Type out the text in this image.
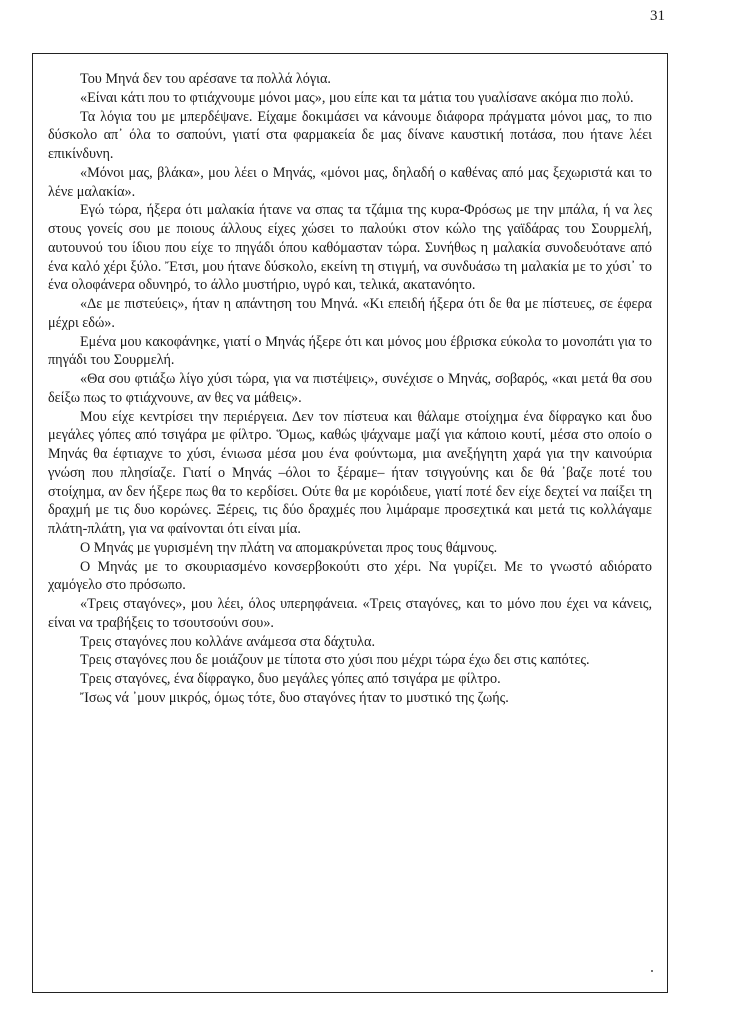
31

Του Μηνά δεν του αρέσανε τα πολλά λόγια.

«Είναι κάτι που το φτιάχνουμε μόνοι μας», μου είπε και τα μάτια του γυαλίσανε ακόμα πιο πολύ.

Τα λόγια του με μπερδέψανε. Είχαμε δοκιμάσει να κάνουμε διάφορα πράγματα μόνοι μας, το πιο δύσκολο απ᾽ όλα το σαπούνι, γιατί στα φαρμακεία δε μας δίνανε καυστική ποτάσα, που ήτανε λέει επικίνδυνη.

«Μόνοι μας, βλάκα», μου λέει ο Μηνάς, «μόνοι μας, δηλαδή ο καθένας από μας ξεχωριστά και το λένε μαλακία».

Εγώ τώρα, ήξερα ότι μαλακία ήτανε να σπας τα τζάμια της κυρα-Φρόσως με την μπάλα, ή να λες στους γονείς σου με ποιους άλλους είχες χώσει το παλούκι στον κώλο της γαϊδάρας του Σουρμελή, αυτουνού του ίδιου που είχε το πηγάδι όπου καθόμασταν τώρα. Συνήθως η μαλακία συνοδευότανε από ένα καλό χέρι ξύλο. Ἔτσι, μου ήτανε δύσκολο, εκείνη τη στιγμή, να συνδυάσω τη μαλακία με το χύσι᾽ το ένα ολοφάνερα οδυνηρό, το άλλο μυστήριο, υγρό και, τελικά, ακατανόητο.

«Δε με πιστεύεις», ήταν η απάντηση του Μηνά. «Κι επειδή ήξερα ότι δε θα με πίστευες, σε έφερα μέχρι εδώ».

Εμένα μου κακοφάνηκε, γιατί ο Μηνάς ήξερε ότι και μόνος μου έβρισκα εύκολα το μονοπάτι για το πηγάδι του Σουρμελή.

«Θα σου φτιάξω λίγο χύσι τώρα, για να πιστέψεις», συνέχισε ο Μηνάς, σοβαρός, «και μετά θα σου δείξω πως το φτιάχνουνε, αν θες να μάθεις».

Μου είχε κεντρίσει την περιέργεια. Δεν τον πίστευα και θάλαμε στοίχημα ένα δίφραγκο και δυο μεγάλες γόπες από τσιγάρα με φίλτρο. Ὅμως, καθώς ψάχναμε μαζί για κάποιο κουτί, μέσα στο οποίο ο Μηνάς θα έφτιαχνε το χύσι, ένιωσα μέσα μου ένα φούντωμα, μια ανεξήγητη χαρά για την καινούρια γνώση που πλησίαζε. Γιατί ο Μηνάς –όλοι το ξέραμε– ήταν τσιγγούνης και δε θά ᾽βαζε ποτέ του στοίχημα, αν δεν ήξερε πως θα το κερδίσει. Ούτε θα με κορόιδευε, γιατί ποτέ δεν είχε δεχτεί να παίξει τη δραχμή με τις δυο κορώνες. Ξέρεις, τις δύο δραχμές που λιμάραμε προσεχτικά και μετά τις κολλάγαμε πλάτη-πλάτη, για να φαίνονται ότι είναι μία.

Ο Μηνάς με γυρισμένη την πλάτη να απομακρύνεται προς τους θάμνους.

Ο Μηνάς με το σκουριασμένο κονσερβοκούτι στο χέρι. Να γυρίζει. Με το γνωστό αδιόρατο χαμόγελο στο πρόσωπο.

«Τρεις σταγόνες», μου λέει, όλος υπερηφάνεια. «Τρεις σταγόνες, και το μόνο που έχει να κάνεις, είναι να τραβήξεις το τσουτσούνι σου».

Τρεις σταγόνες που κολλάνε ανάμεσα στα δάχτυλα.

Τρεις σταγόνες που δε μοιάζουν με τίποτα στο χύσι που μέχρι τώρα έχω δει στις καπότες.

Τρεις σταγόνες, ένα δίφραγκο, δυο μεγάλες γόπες από τσιγάρα με φίλτρο.

Ἴσως νά ᾽μουν μικρός, όμως τότε, δυο σταγόνες ήταν το μυστικό της ζωής.
